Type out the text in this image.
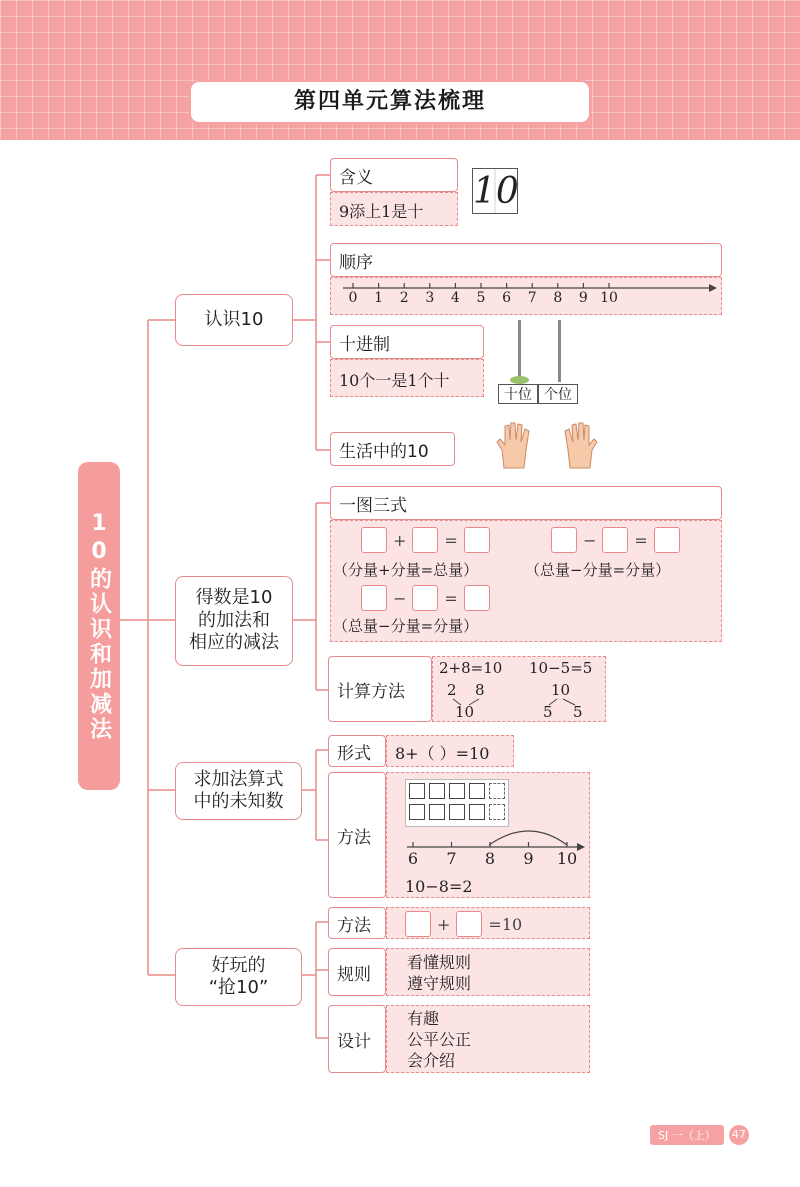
第四单元算法梳理
10的认识和加减法
认识10
得数是10
的加法和
相应的减法
求加法算式
中的未知数
好玩的
“抢10”
含义
9添上1是十	10
顺序
0 1 2 3 4 5 6 7 8 9 10
十进制
10个一是1个十
十位 个位
生活中的10
一图三式
+ =	− =
（分量+分量=总量）	（总量−分量=分量）
− =
（总量−分量=分量）
计算方法
2+8=10 10−5=5
2 8
10
10
5 5
形式	8+（ ）=10
方法
6 7 8 9 10
10−8=2
方法	+ =10
规则
看懂规则
遵守规则
设计
有趣
公平公正
会介绍
SJ 一（上） 47
